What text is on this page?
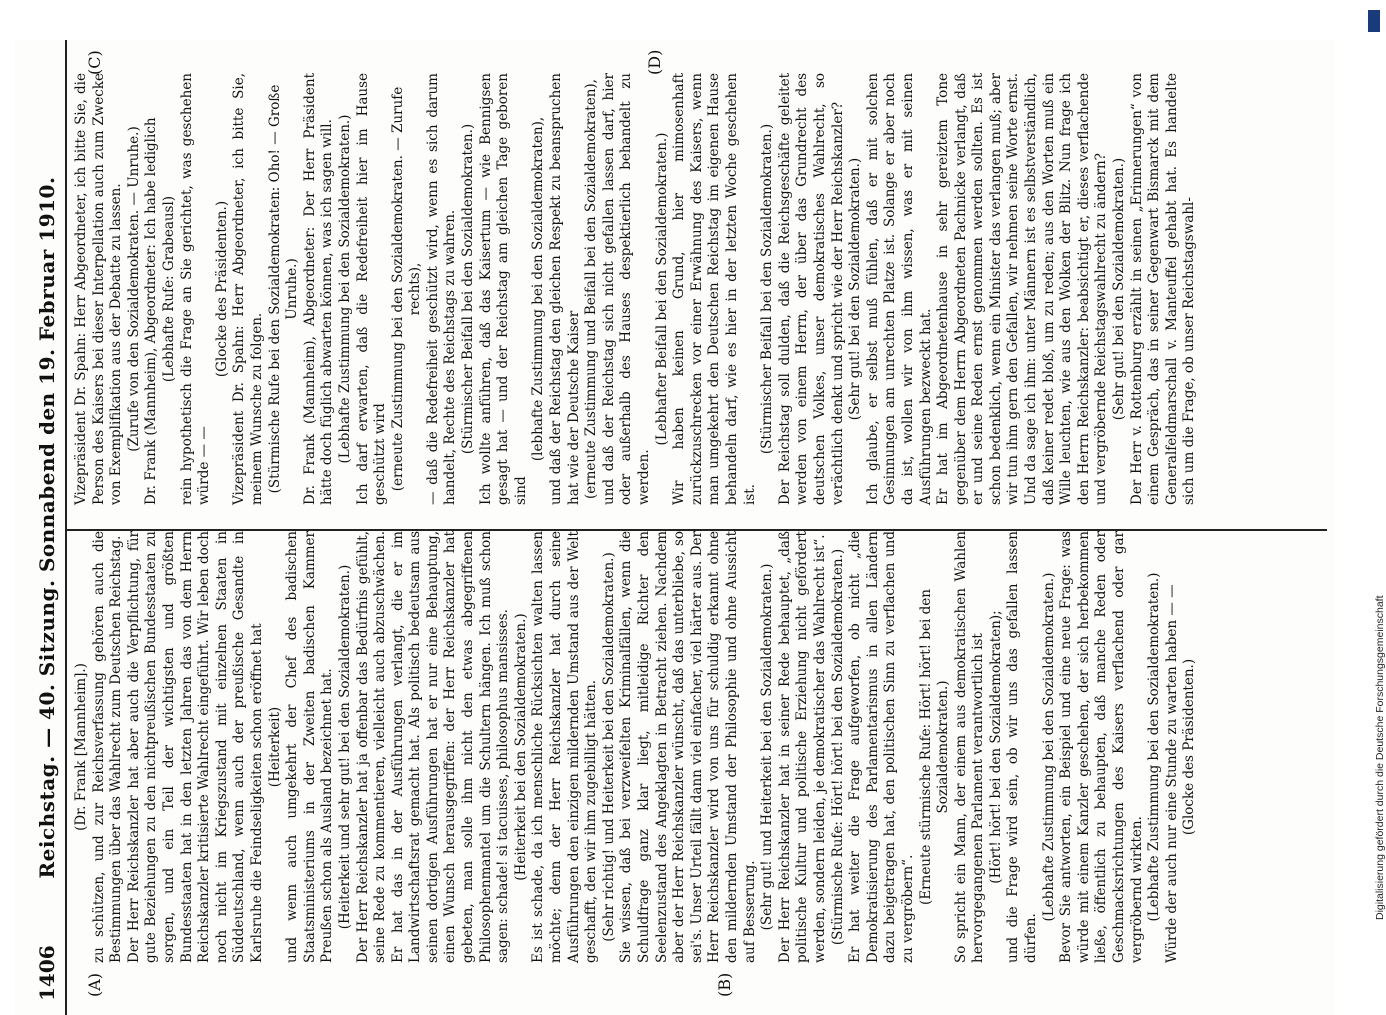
1406
Reichstag. — 40. Sitzung. Sonnabend den 19. Februar 1910.
(A)	(B)
(C)	(D)

(Dr. Frank [Mannheim].) zu schützen, und zur Reichsverfassung gehören auch die Bestimmungen über das Wahlrecht zum Deutschen Reichstag. Der Herr Reichskanzler hat aber auch die Verpflichtung, für gute Beziehungen zu den nichtpreußischen Bundesstaaten zu sorgen, und ein Teil der wichtigsten und größten Bundesstaaten hat in den letzten Jahren das von dem Herrn Reichskanzler kritisierte Wahlrecht eingeführt. Wir leben doch noch nicht im Kriegszustand mit einzelnen Staaten in Süddeutschland, wenn auch der preußische Gesandte in Karlsruhe die Feindseligkeiten schon eröffnet hat (Heiterkeit) und wenn auch umgekehrt der Chef des badischen Staatsministeriums in der Zweiten badischen Kammer Preußen schon als Ausland bezeichnet hat. (Heiterkeit und sehr gut! bei den Sozialdemokraten.) Der Herr Reichskanzler hat ja offenbar das Bedürfnis gefühlt, seine Rede zu kommentieren, vielleicht auch abzuschwächen. Er hat das in der Ausführungen verlangt, die er im Landwirtschaftsrat gemacht hat. Als politisch bedeutsam aus seinen dortigen Ausführungen hat er nur eine Behauptung, einen Wunsch herausgegriffen: der Herr Reichskanzler hat gebeten, man solle ihm nicht den etwas abgegriffenen Philosophenmantel um die Schultern hängen. Ich muß schon sagen: schade! si tacuisses, philosophus mansisses. (Heiterkeit bei den Sozialdemokraten.) Es ist schade, da ich menschliche Rücksichten walten lassen möchte; denn der Herr Reichskanzler hat durch seine Ausführungen den einzigen mildernden Umstand aus der Welt geschafft, den wir ihm zugebilligt hätten. (Sehr richtig! und Heiterkeit bei den Sozialdemokraten.) Sie wissen, daß bei verzweifelten Kriminalfällen, wenn die Schuldfrage ganz klar liegt, mitleidige Richter den Seelenzustand des Angeklagten in Betracht ziehen. Nachdem aber der Herr Reichskanzler wünscht, daß das unterbliebe, so sei's. Unser Urteil fällt dann viel einfacher, viel härter aus. Der Herr Reichskanzler wird von uns für schuldig erkannt ohne den mildernden Umstand der Philosophie und ohne Aussicht auf Besserung. (Sehr gut! und Heiterkeit bei den Sozialdemokraten.) Der Herr Reichskanzler hat in seiner Rede behauptet, „daß politische Kultur und politische Erziehung nicht gefördert werden, sondern leiden, je demokratischer das Wahlrecht ist“. (Stürmische Rufe: Hört! hört! bei den Sozialdemokraten.) Er hat weiter die Frage aufgeworfen, ob nicht „die Demokratisierung des Parlamentarismus in allen Ländern dazu beigetragen hat, den politischen Sinn zu verflachen und zu vergröbern“.

(Erneute stürmische Rufe: Hört! hört! bei den Sozialdemokraten.) So spricht ein Mann, der einem aus demokratischen Wahlen hervorgegangenen Parlament verantwortlich ist (Hört! hört! bei den Sozialdemokraten); und die Frage wird sein, ob wir uns das gefallen lassen dürfen.

(Lebhafte Zustimmung bei den Sozialdemokraten.) Bevor Sie antworten, ein Beispiel und eine neue Frage: was würde mit einem Kanzler geschehen, der sich herbekommen ließe, öffentlich zu behaupten, daß manche Reden oder Geschmacksrichtungen des Kaisers verflachend oder gar vergröbernd wirkten. (Lebhafte Zustimmung bei den Sozialdemokraten.) Würde der auch nur eine Stunde zu warten haben — — (Glocke des Präsidenten.)

Vizepräsident Dr. Spahn: Herr Abgeordneter, ich bitte Sie, die Person des Kaisers bei dieser Interpellation auch zum Zwecke von Exemplifikation aus der Debatte zu lassen. (Zurufe von den Sozialdemokraten. — Unruhe.) Dr. Frank (Mannheim), Abgeordneter: Ich habe lediglich (Lebhafte Rufe: Grabeausl) rein hypothetisch die Frage an Sie gerichtet, was geschehen würde — —

(Glocke des Präsidenten.) Vizepräsident Dr. Spahn: Herr Abgeordneter, ich bitte Sie, meinem Wunsche zu folgen. (Stürmische Rufe bei den Sozialdemokraten: Oho! — Große Unruhe.) Dr. Frank (Mannheim), Abgeordneter: Der Herr Präsident hätte doch füglich abwarten können, was ich sagen will. (Lebhafte Zustimmung bei den Sozialdemokraten.) Ich darf erwarten, daß die Redefreiheit hier im Hause geschützt wird (erneute Zustimmung bei den Sozialdemokraten. — Zurufe rechts), — daß die Redefreiheit geschützt wird, wenn es sich darum handelt, Rechte des Reichstags zu wahren. (Stürmischer Beifall bei den Sozialdemokraten.) Ich wollte anführen, daß das Kaisertum — wie Bennigsen gesagt hat — und der Reichstag am gleichen Tage geboren sind

(lebhafte Zustimmung bei den Sozialdemokraten), und daß der Reichstag den gleichen Respekt zu beanspruchen hat wie der Deutsche Kaiser (erneute Zustimmung und Beifall bei den Sozialdemokraten), und daß der Reichstag sich nicht gefallen lassen darf, hier oder außerhalb des Hauses despektierlich behandelt zu werden.

(Lebhafter Beifall bei den Sozialdemokraten.) Wir haben keinen Grund, hier mimosenhaft zurückzuschrecken vor einer Erwähnung des Kaisers, wenn man umgekehrt den Deutschen Reichstag im eigenen Hause behandeln darf, wie es hier in der letzten Woche geschehen ist.

(Stürmischer Beifall bei den Sozialdemokraten.) Der Reichstag soll dulden, daß die Reichsgeschäfte geleitet werden von einem Herrn, der über das Grundrecht des deutschen Volkes, unser demokratisches Wahlrecht, so verächtlich denkt und spricht wie der Herr Reichskanzler? (Sehr gut! bei den Sozialdemokraten.) Ich glaube, er selbst muß fühlen, daß er mit solchen Gesinnungen am unrechten Platze ist. Solange er aber noch da ist, wollen wir von ihm wissen, was er mit seinen Ausführungen bezweckt hat. Er hat im Abgeordnetenhause in sehr gereiztem Tone gegenüber dem Herrn Abgeordneten Pachnicke verlangt, daß er und seine Reden ernst genommen werden sollten. Es ist schon bedenklich, wenn ein Minister das verlangen muß; aber wir tun ihm gern den Gefallen, wir nehmen seine Worte ernst. Und da sage ich ihm: unter Männern ist es selbstverständlich, daß keiner redet bloß, um zu reden; aus den Worten muß ein Wille leuchten, wie aus den Wolken der Blitz. Nun frage ich den Herrn Reichskanzler: beabsichtigt er, dieses verflachende und vergröbernde Reichstagswahlrecht zu ändern? (Sehr gut! bei den Sozialdemokraten.) Der Herr v. Rottenburg erzählt in seinen „Erinnerungen“ von einem Gespräch, das in seiner Gegenwart Bismarck mit dem Generalfeldmarschall v. Manteuffel gehabt hat. Es handelte sich um die Frage, ob unser Reichstagswahl-

Digitalisierung gefördert durch die Deutsche Forschungsgemeinschaft
